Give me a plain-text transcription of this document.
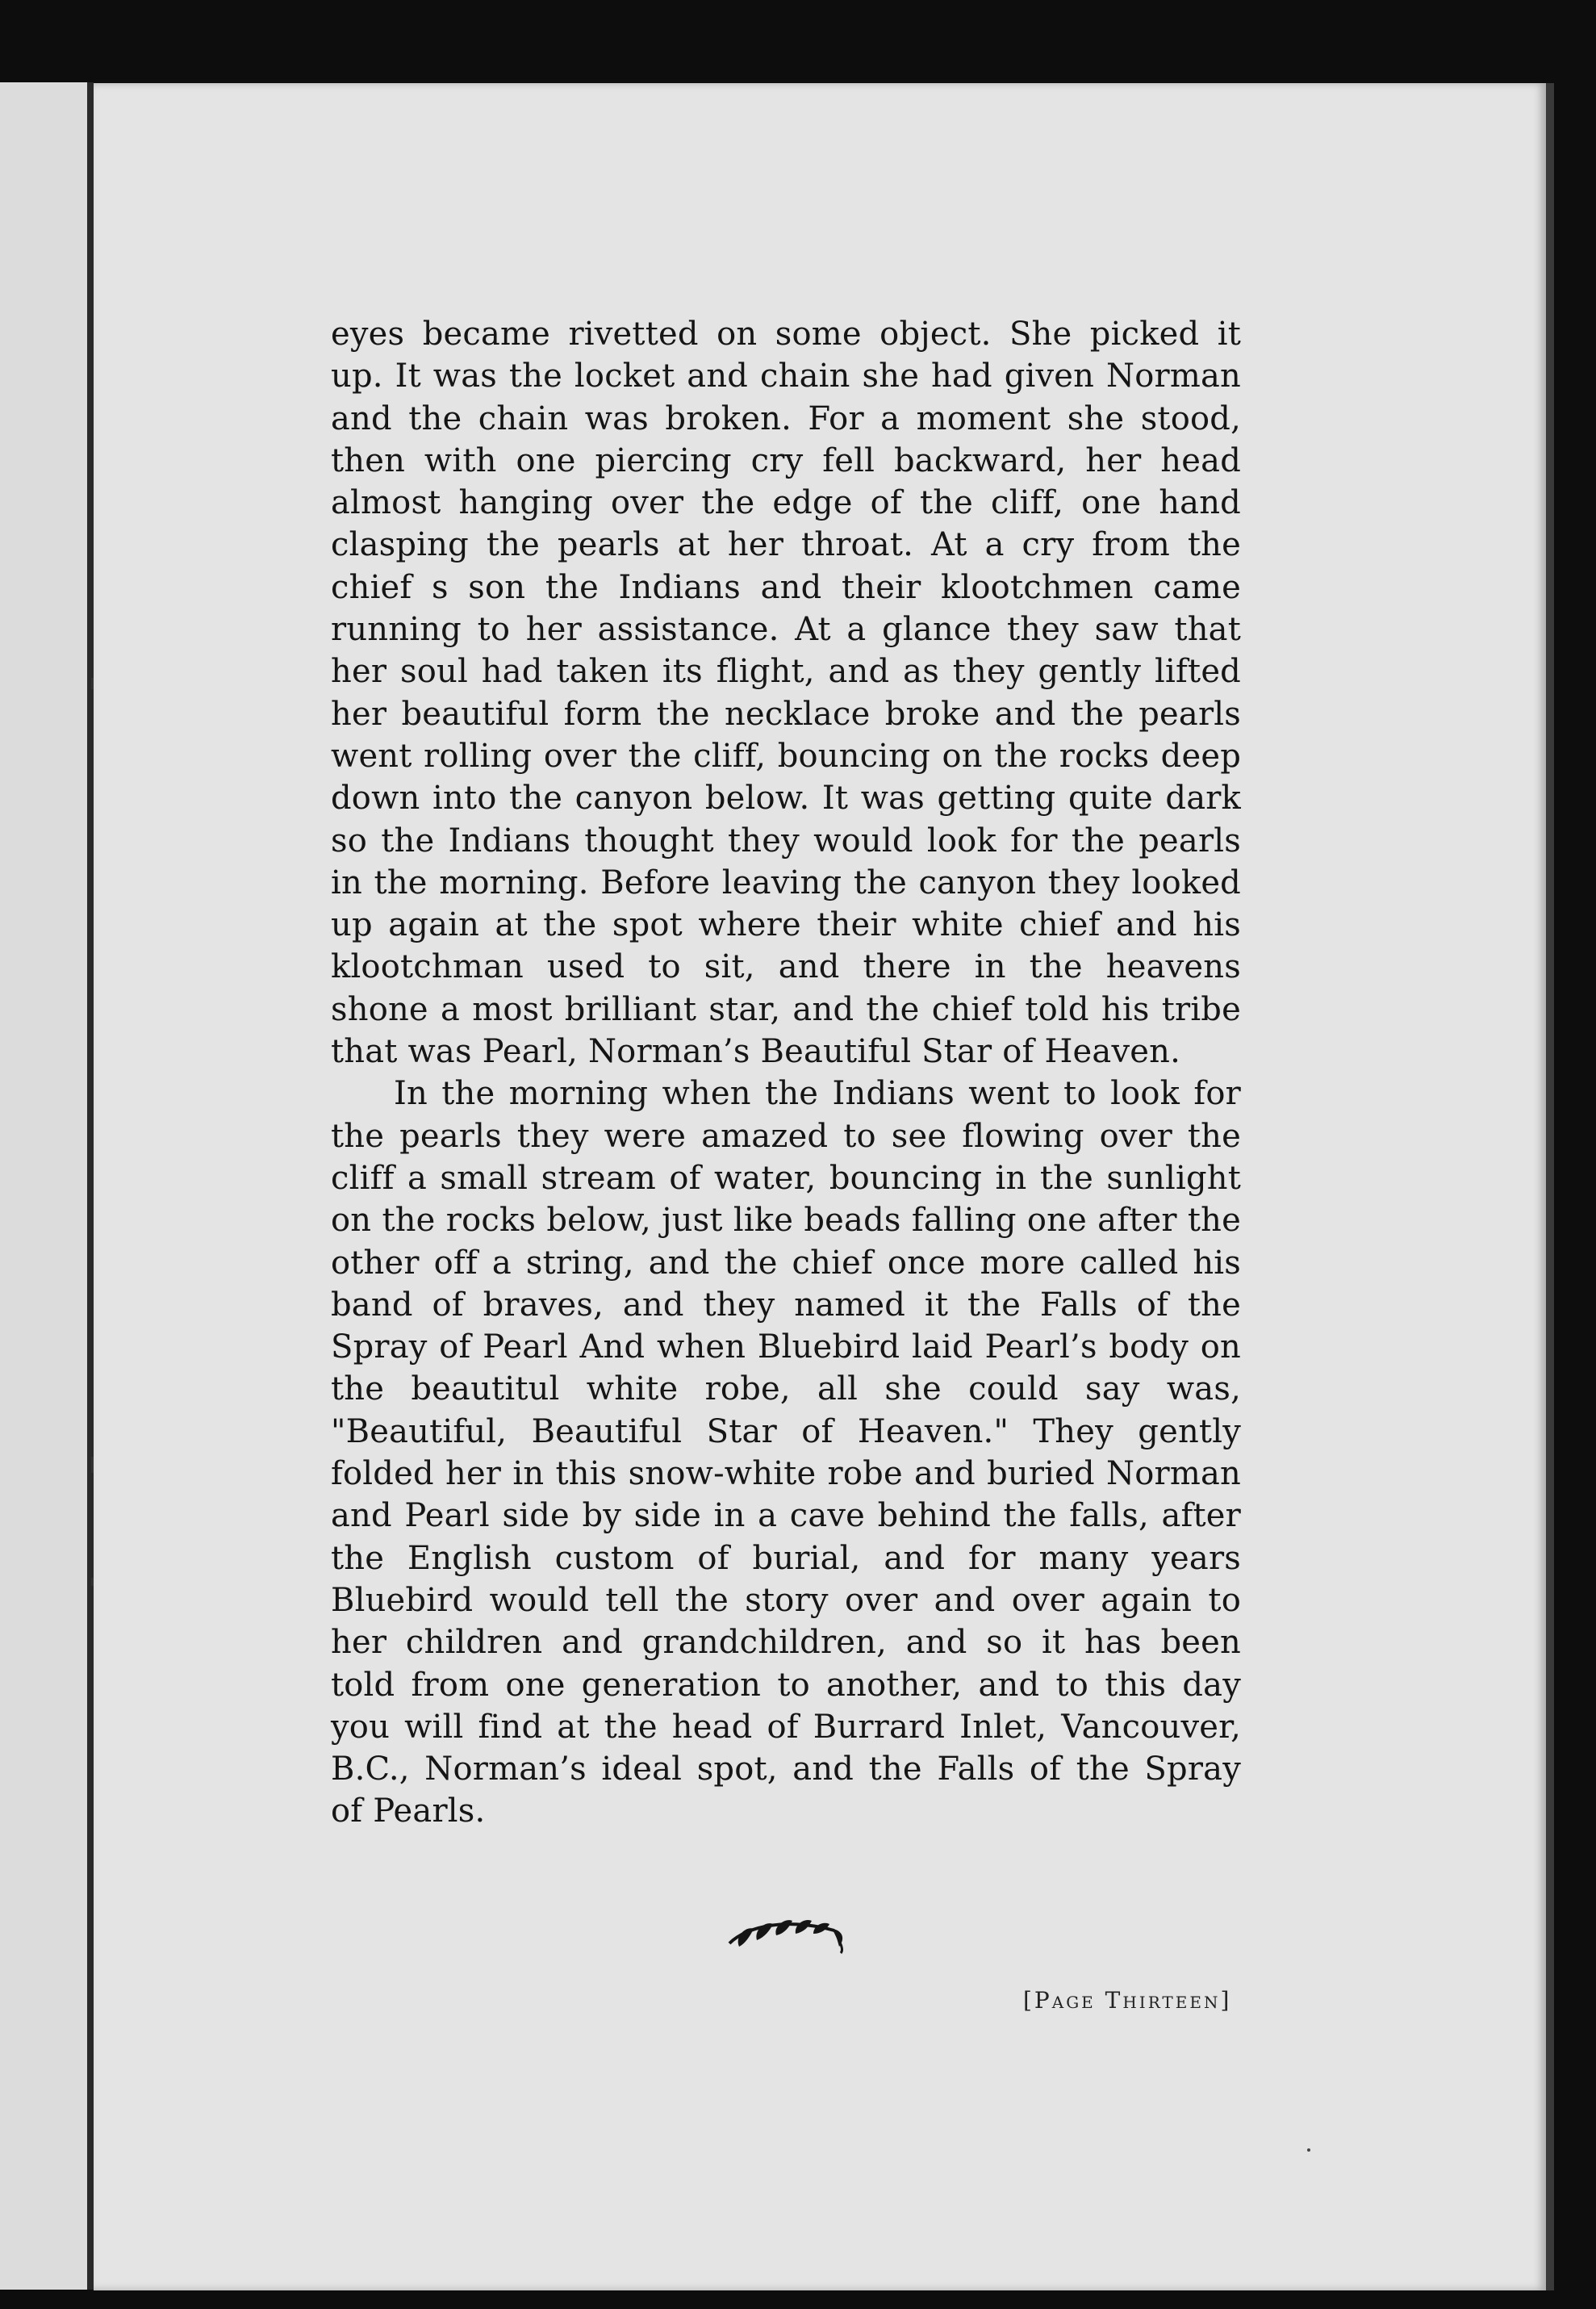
eyes became rivetted on some object. She picked it up. It was the locket and chain she had given Norman and the chain was broken. For a moment she stood, then with one piercing cry fell backward, her head almost hanging over the edge of the cliff, one hand clasping the pearls at her throat. At a cry from the chief s son the Indians and their klootchmen came running to her assistance. At a glance they saw that her soul had taken its flight, and as they gently lifted her beautiful form the necklace broke and the pearls went rolling over the cliff, bouncing on the rocks deep down into the canyon below. It was getting quite dark so the Indians thought they would look for the pearls in the morning. Before leaving the canyon they looked up again at the spot where their white chief and his klootchman used to sit, and there in the heavens shone a most brilliant star, and the chief told his tribe that was Pearl, Norman’s Beautiful Star of Heaven.

In the morning when the Indians went to look for the pearls they were amazed to see flowing over the cliff a small stream of water, bouncing in the sunlight on the rocks below, just like beads falling one after the other off a string, and the chief once more called his band of braves, and they named it the Falls of the Spray of Pearl And when Bluebird laid Pearl’s body on the beautitul white robe, all she could say was, "Beautiful, Beautiful Star of Heaven." They gently folded her in this snow-white robe and buried Norman and Pearl side by side in a cave behind the falls, after the English custom of burial, and for many years Bluebird would tell the story over and over again to her children and grandchildren, and so it has been told from one generation to another, and to this day you will find at the head of Burrard Inlet, Vancouver, B.C., Norman’s ideal spot, and the Falls of the Spray of Pearls.

[Page Thirteen]
